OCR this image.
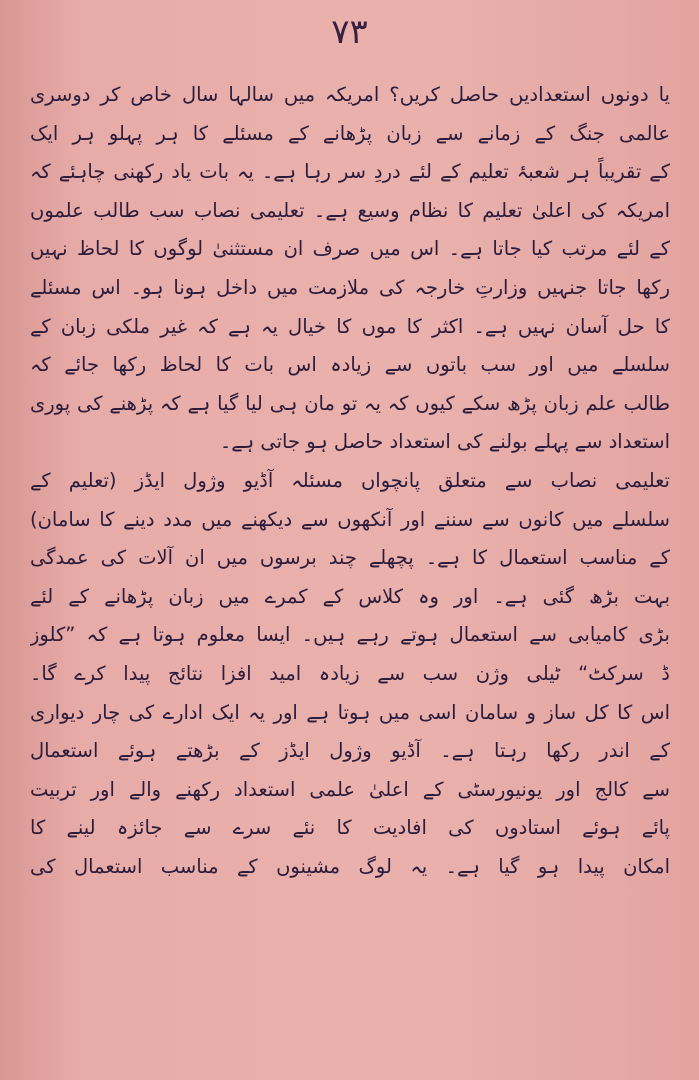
۷۳
یا دونوں استعدادیں حاصل کریں؟ امریکہ میں سالہا سال خاص کر دوسری
عالمی جنگ کے زمانے سے زبان پڑھانے کے مسئلے کا ہر پہلو ہر ایک
کے تقریباً ہر شعبۂ تعلیم کے لئے دردِ سر رہا ہے۔ یہ بات یاد رکھنی چاہئے کہ
امریکہ کی اعلیٰ تعلیم کا نظام وسیع ہے۔ تعلیمی نصاب سب طالب علموں
کے لئے مرتب کیا جاتا ہے۔ اس میں صرف ان مستثنیٰ لوگوں کا لحاظ نہیں
رکھا جاتا جنہیں وزارتِ خارجہ کی ملازمت میں داخل ہونا ہو۔ اس مسئلے
کا حل آسان نہیں ہے۔ اکثر کا موں کا خیال یہ ہے کہ غیر ملکی زبان کے
سلسلے میں اور سب باتوں سے زیادہ اس بات کا لحاظ رکھا جائے کہ
طالب علم زبان پڑھ سکے کیوں کہ یہ تو مان ہی لیا گیا ہے کہ پڑھنے کی پوری
استعداد سے پہلے بولنے کی استعداد حاصل ہو جاتی ہے۔
تعلیمی نصاب سے متعلق پانچواں مسئلہ آڈیو وژول ایڈز (تعلیم کے
سلسلے میں کانوں سے سننے اور آنکھوں سے دیکھنے میں مدد دینے کا سامان)
کے مناسب استعمال کا ہے۔ پچھلے چند برسوں میں ان آلات کی عمدگی
بہت بڑھ گئی ہے۔ اور وہ کلاس کے کمرے میں زبان پڑھانے کے لئے
بڑی کامیابی سے استعمال ہوتے رہے ہیں۔ ایسا معلوم ہوتا ہے کہ ”کلوز
ڈ سرکٹ“ ٹیلی وژن سب سے زیادہ امید افزا نتائج پیدا کرے گا۔
اس کا کل ساز و سامان اسی میں ہوتا ہے اور یہ ایک ادارے کی چار دیواری
کے اندر رکھا رہتا ہے۔ آڈیو وژول ایڈز کے بڑھتے ہوئے استعمال
سے کالج اور یونیورسٹی کے اعلیٰ علمی استعداد رکھنے والے اور تربیت
پائے ہوئے استادوں کی افادیت کا نئے سرے سے جائزہ لینے کا
امکان پیدا ہو گیا ہے۔ یہ لوگ مشینوں کے مناسب استعمال کی
